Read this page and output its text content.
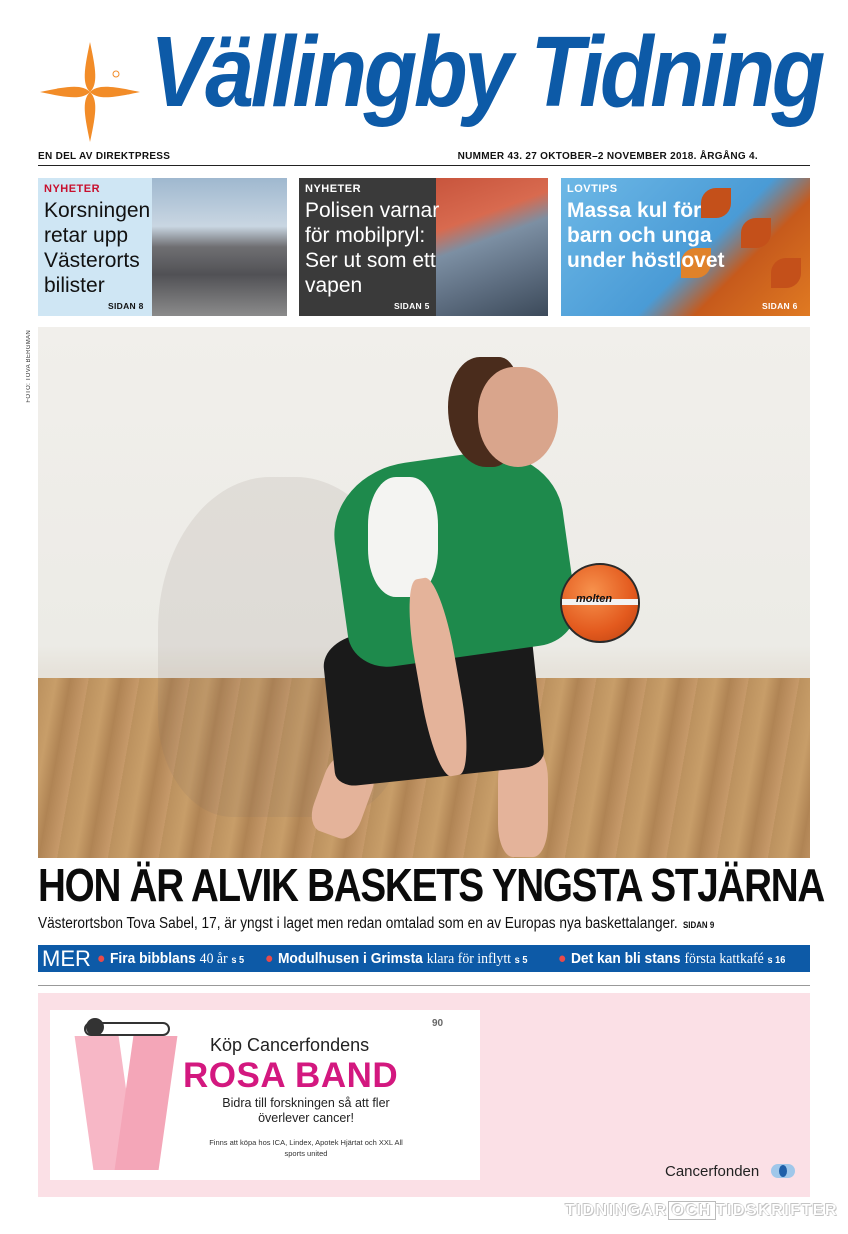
Vällingby Tidning
EN DEL AV DIREKTPRESS	NUMMER 43. 27 OKTOBER–2 NOVEMBER 2018. ÅRGÅNG 4.
NYHETER
Korsningen retar upp Västerorts bilister
SIDAN 8
NYHETER
Polisen varnar för mobilpryl: Ser ut som ett vapen
SIDAN 5
LOVTIPS
Massa kul för barn och unga under höstlovet
SIDAN 6
FOTO: TOVA BERGMAN
molten
HON ÄR ALVIK BASKETS YNGSTA STJÄRNA
Västerortsbon Tova Sabel, 17, är yngst i laget men redan omtalad som en av Europas nya baskettalanger. SIDAN 9
MER ● Fira bibblans 40 år s 5 ● Modulhusen i Grimsta klara för inflytt s 5 ● Det kan bli stans första kattkafé s 16
Köp Cancerfondens
ROSA BAND
Bidra till forskningen så att fler överlever cancer!
Finns att köpa hos ICA, Lindex, Apotek Hjärtat och XXL All sports united
90
Cancerfonden
TIDNINGAR OCH TIDSKRIFTER
